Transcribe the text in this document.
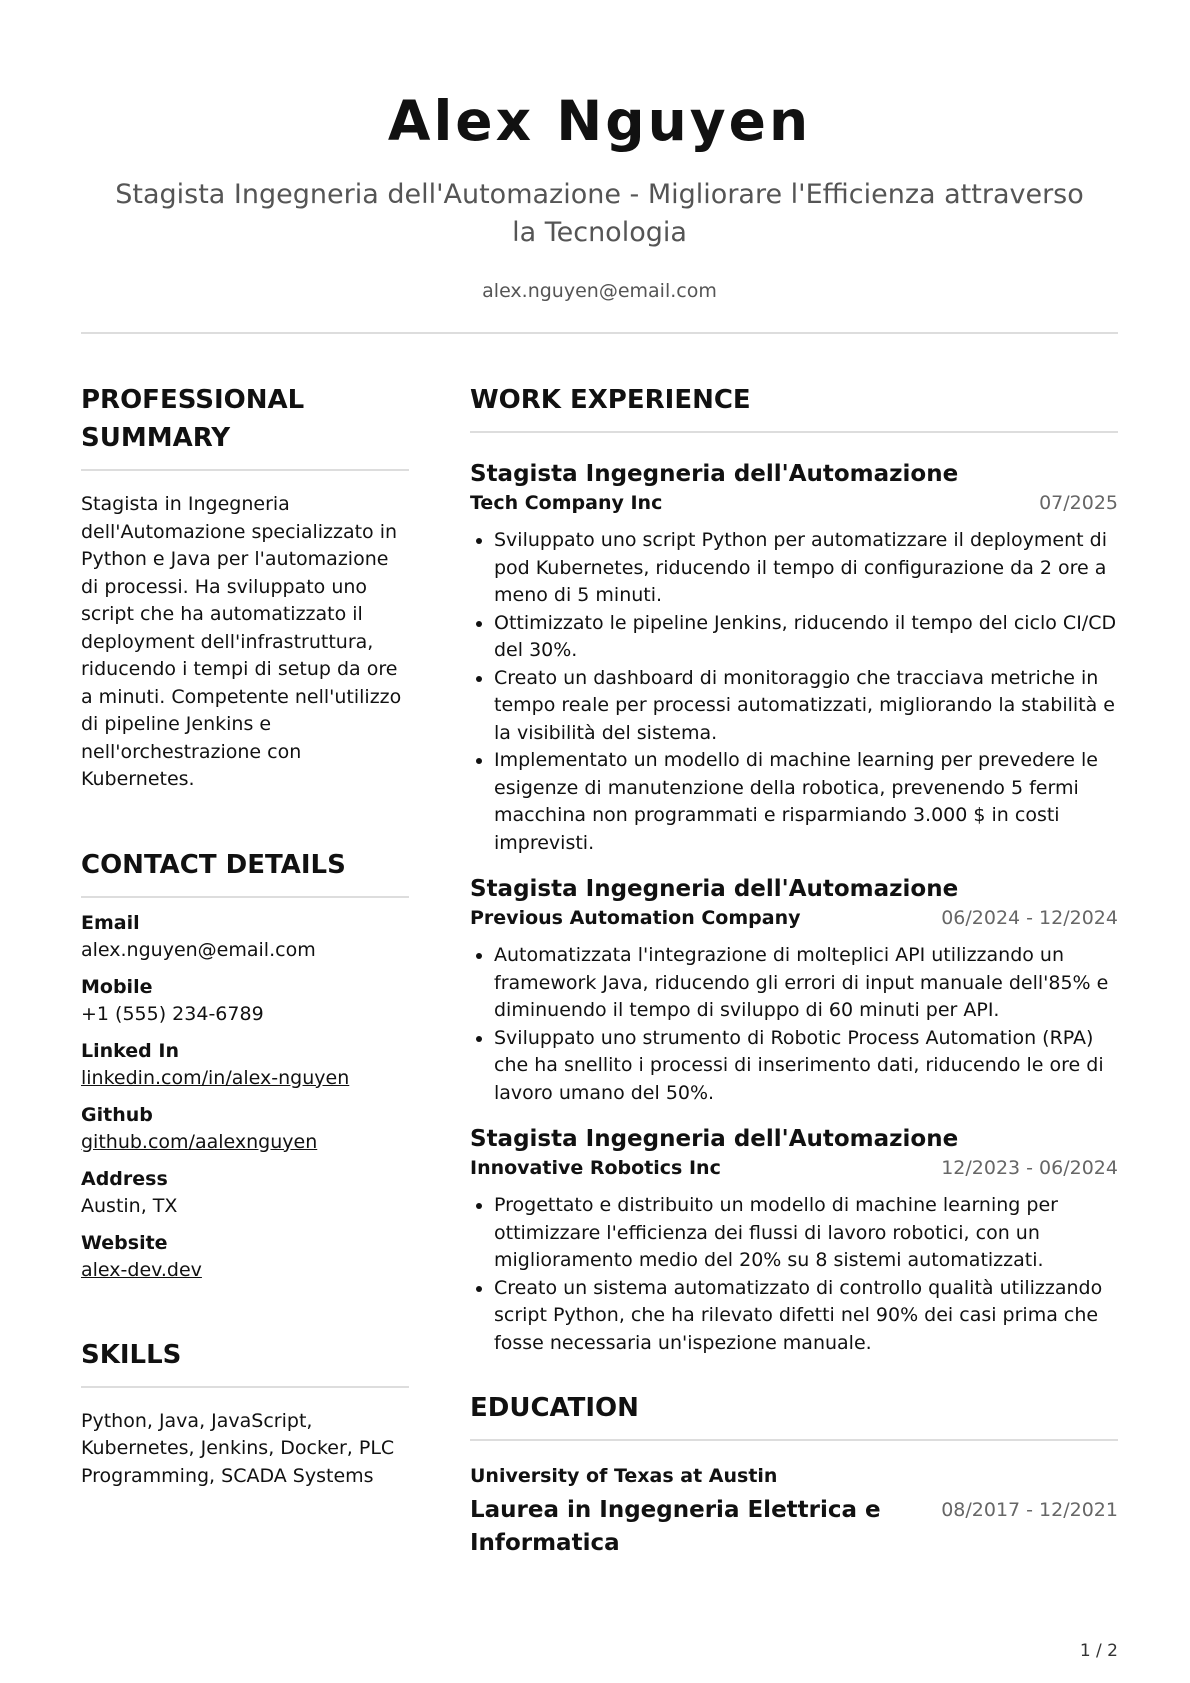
Alex Nguyen
Stagista Ingegneria dell'Automazione - Migliorare l'Efficienza attraverso la Tecnologia
alex.nguyen@email.com
PROFESSIONAL SUMMARY
Stagista in Ingegneria dell'Automazione specializzato in Python e Java per l'automazione di processi. Ha sviluppato uno script che ha automatizzato il deployment dell'infrastruttura, riducendo i tempi di setup da ore a minuti. Competente nell'utilizzo di pipeline Jenkins e nell'orchestrazione con Kubernetes.
CONTACT DETAILS
Email
alex.nguyen@email.com
Mobile
+1 (555) 234-6789
Linked In
linkedin.com/in/alex-nguyen
Github
github.com/aalexnguyen
Address
Austin, TX
Website
alex-dev.dev
SKILLS
Python, Java, JavaScript, Kubernetes, Jenkins, Docker, PLC Programming, SCADA Systems
WORK EXPERIENCE
Stagista Ingegneria dell'Automazione
Tech Company Inc	07/2025
• Sviluppato uno script Python per automatizzare il deployment di pod Kubernetes, riducendo il tempo di configurazione da 2 ore a meno di 5 minuti.
• Ottimizzato le pipeline Jenkins, riducendo il tempo del ciclo CI/CD del 30%.
• Creato un dashboard di monitoraggio che tracciava metriche in tempo reale per processi automatizzati, migliorando la stabilità e la visibilità del sistema.
• Implementato un modello di machine learning per prevedere le esigenze di manutenzione della robotica, prevenendo 5 fermi macchina non programmati e risparmiando 3.000 $ in costi imprevisti.
Stagista Ingegneria dell'Automazione
Previous Automation Company	06/2024 - 12/2024
• Automatizzata l'integrazione di molteplici API utilizzando un framework Java, riducendo gli errori di input manuale dell'85% e diminuendo il tempo di sviluppo di 60 minuti per API.
• Sviluppato uno strumento di Robotic Process Automation (RPA) che ha snellito i processi di inserimento dati, riducendo le ore di lavoro umano del 50%.
Stagista Ingegneria dell'Automazione
Innovative Robotics Inc	12/2023 - 06/2024
• Progettato e distribuito un modello di machine learning per ottimizzare l'efficienza dei flussi di lavoro robotici, con un miglioramento medio del 20% su 8 sistemi automatizzati.
• Creato un sistema automatizzato di controllo qualità utilizzando script Python, che ha rilevato difetti nel 90% dei casi prima che fosse necessaria un'ispezione manuale.
EDUCATION
University of Texas at Austin
Laurea in Ingegneria Elettrica e Informatica
08/2017 - 12/2021
1 / 2
